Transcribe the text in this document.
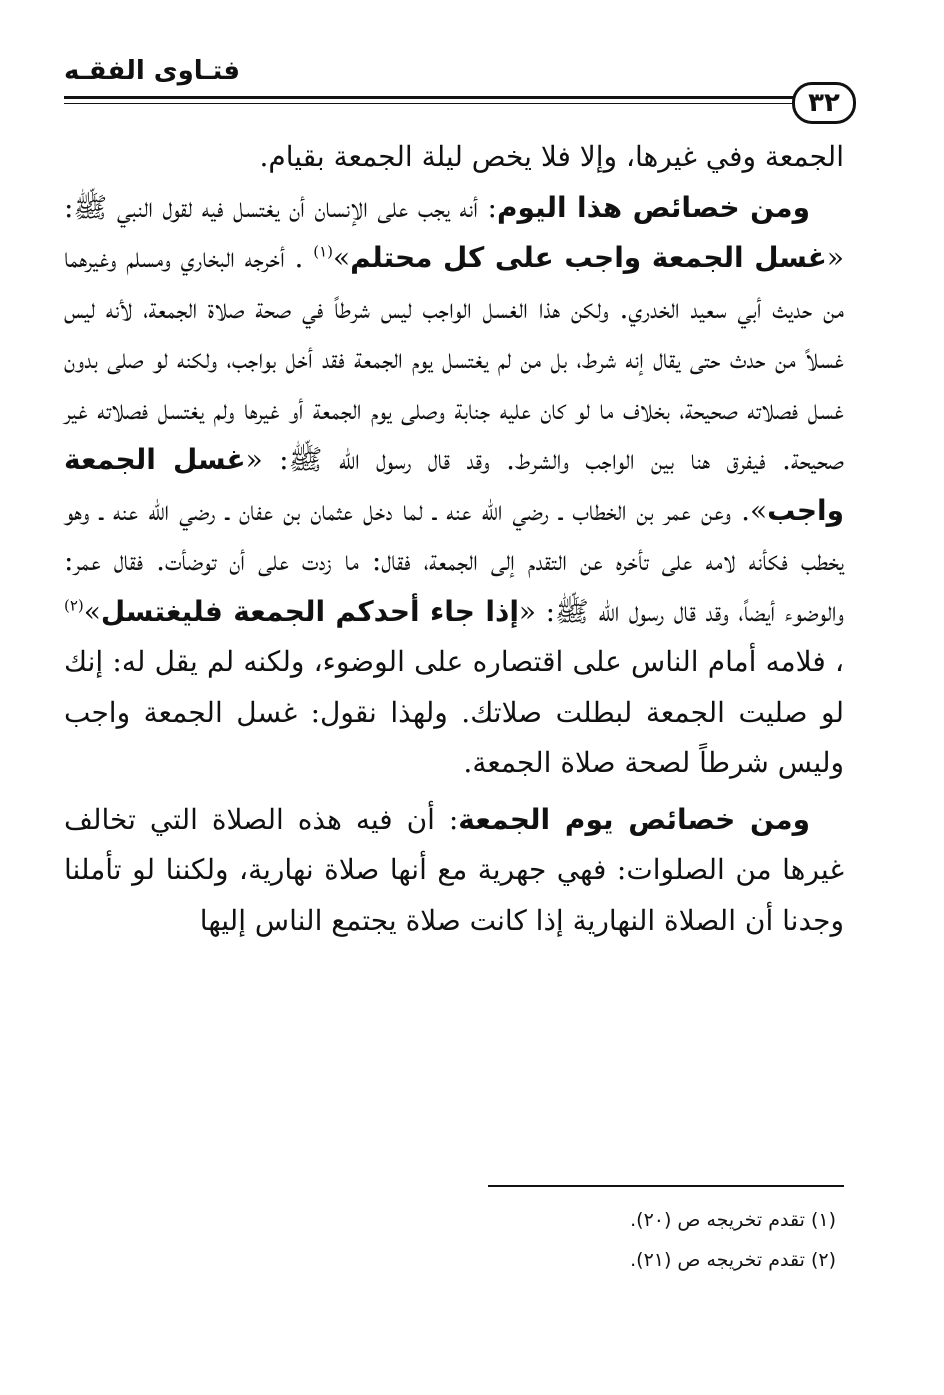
فتـاوى الفقـه
٣٢

الجمعة وفي غيرها، وإلا فلا يخص ليلة الجمعة بقيام.

ومن خصائص هذا اليوم: أنه يجب على الإنسان أن يغتسل فيه لقول النبي ﷺ: «غسل الجمعة واجب على كل محتلم»$^{(١)}$ . أخرجه البخاري ومسلم وغيرهما من حديث أبي سعيد الخدري. ولكن هذا الغسل الواجب ليس شرطاً في صحة صلاة الجمعة، لأنه ليس غسلاً من حدث حتى يقال إنه شرط، بل من لم يغتسل يوم الجمعة فقد أخل بواجب، ولكنه لو صلى بدون غسل فصلاته صحيحة، بخلاف ما لو كان عليه جنابة وصلى يوم الجمعة أو غيرها ولم يغتسل فصلاته غير صحيحة. فيفرق هنا بين الواجب والشرط. وقد قال رسول الله ﷺ: «غسل الجمعة واجب». وعن عمر بن الخطاب ـ رضي الله عنه ـ لما دخل عثمان بن عفان ـ رضي الله عنه ـ وهو يخطب فكأنه لامه على تأخره عن التقدم إلى الجمعة، فقال: ما زدت على أن توضأت. فقال عمر: والوضوء أيضاً، وقد قال رسول الله ﷺ: «إذا جاء أحدكم الجمعة فليغتسل»$^{(٢)}$ ، فلامه أمام الناس على اقتصاره على الوضوء، ولكنه لم يقل له: إنك لو صليت الجمعة لبطلت صلاتك. ولهذا نقول: غسل الجمعة واجب وليس شرطاً لصحة صلاة الجمعة.

ومن خصائص يوم الجمعة: أن فيه هذه الصلاة التي تخالف غيرها من الصلوات: فهي جهرية مع أنها صلاة نهارية، ولكننا لو تأملنا وجدنا أن الصلاة النهارية إذا كانت صلاة يجتمع الناس إليها

(١) تقدم تخريجه ص (٢٠).

(٢) تقدم تخريجه ص (٢١).
